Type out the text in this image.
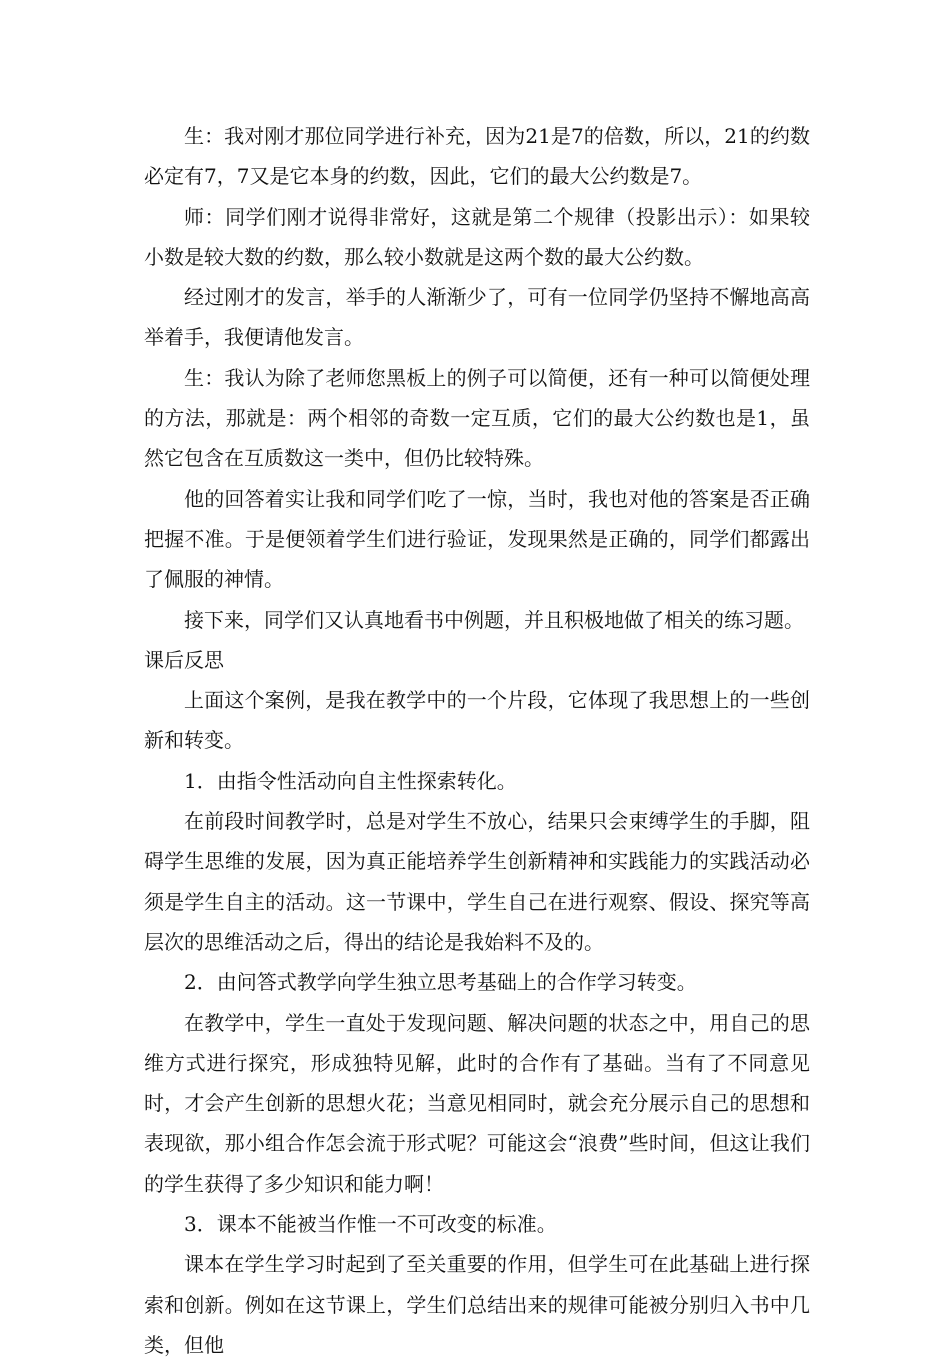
生：我对刚才那位同学进行补充，因为21是7的倍数，所以，21的约数必定有7，7又是它本身的约数，因此，它们的最大公约数是7。

师：同学们刚才说得非常好，这就是第二个规律（投影出示）：如果较小数是较大数的约数，那么较小数就是这两个数的最大公约数。

经过刚才的发言，举手的人渐渐少了，可有一位同学仍坚持不懈地高高举着手，我便请他发言。

生：我认为除了老师您黑板上的例子可以简便，还有一种可以简便处理的方法，那就是：两个相邻的奇数一定互质，它们的最大公约数也是1，虽然它包含在互质数这一类中，但仍比较特殊。

他的回答着实让我和同学们吃了一惊，当时，我也对他的答案是否正确把握不准。于是便领着学生们进行验证，发现果然是正确的，同学们都露出了佩服的神情。

接下来，同学们又认真地看书中例题，并且积极地做了相关的练习题。

课后反思

上面这个案例，是我在教学中的一个片段，它体现了我思想上的一些创新和转变。

1．由指令性活动向自主性探索转化。

在前段时间教学时，总是对学生不放心，结果只会束缚学生的手脚，阻碍学生思维的发展，因为真正能培养学生创新精神和实践能力的实践活动必须是学生自主的活动。这一节课中，学生自己在进行观察、假设、探究等高层次的思维活动之后，得出的结论是我始料不及的。

2．由问答式教学向学生独立思考基础上的合作学习转变。

在教学中，学生一直处于发现问题、解决问题的状态之中，用自己的思维方式进行探究，形成独特见解，此时的合作有了基础。当有了不同意见时，才会产生创新的思想火花；当意见相同时，就会充分展示自己的思想和表现欲，那小组合作怎会流于形式呢？可能这会“浪费”些时间，但这让我们的学生获得了多少知识和能力啊！

3．课本不能被当作惟一不可改变的标准。

课本在学生学习时起到了至关重要的作用，但学生可在此基础上进行探索和创新。例如在这节课上，学生们总结出来的规律可能被分别归入书中几类，但他
